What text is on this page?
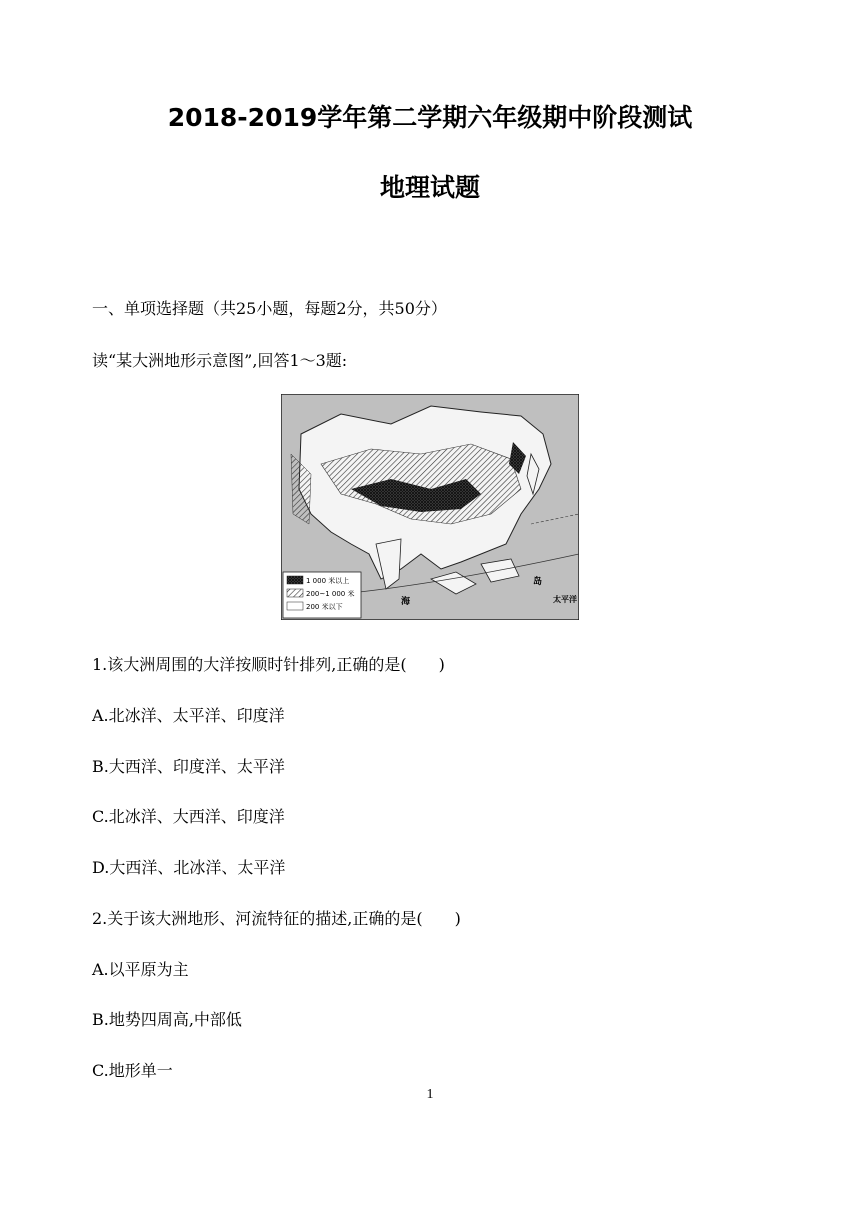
2018-2019学年第二学期六年级期中阶段测试
地理试题
一、单项选择题（共25小题，每题2分，共50分）
读“某大洲地形示意图”,回答1～3题:
1 000 米以上
200~1 000 米
200 米以下
岛
海	太平洋
1.该大洲周围的大洋按顺时针排列,正确的是(　　)
A.北冰洋、太平洋、印度洋
B.大西洋、印度洋、太平洋
C.北冰洋、大西洋、印度洋
D.大西洋、北冰洋、太平洋
2.关于该大洲地形、河流特征的描述,正确的是(　　)
A.以平原为主
B.地势四周高,中部低
C.地形单一
1
